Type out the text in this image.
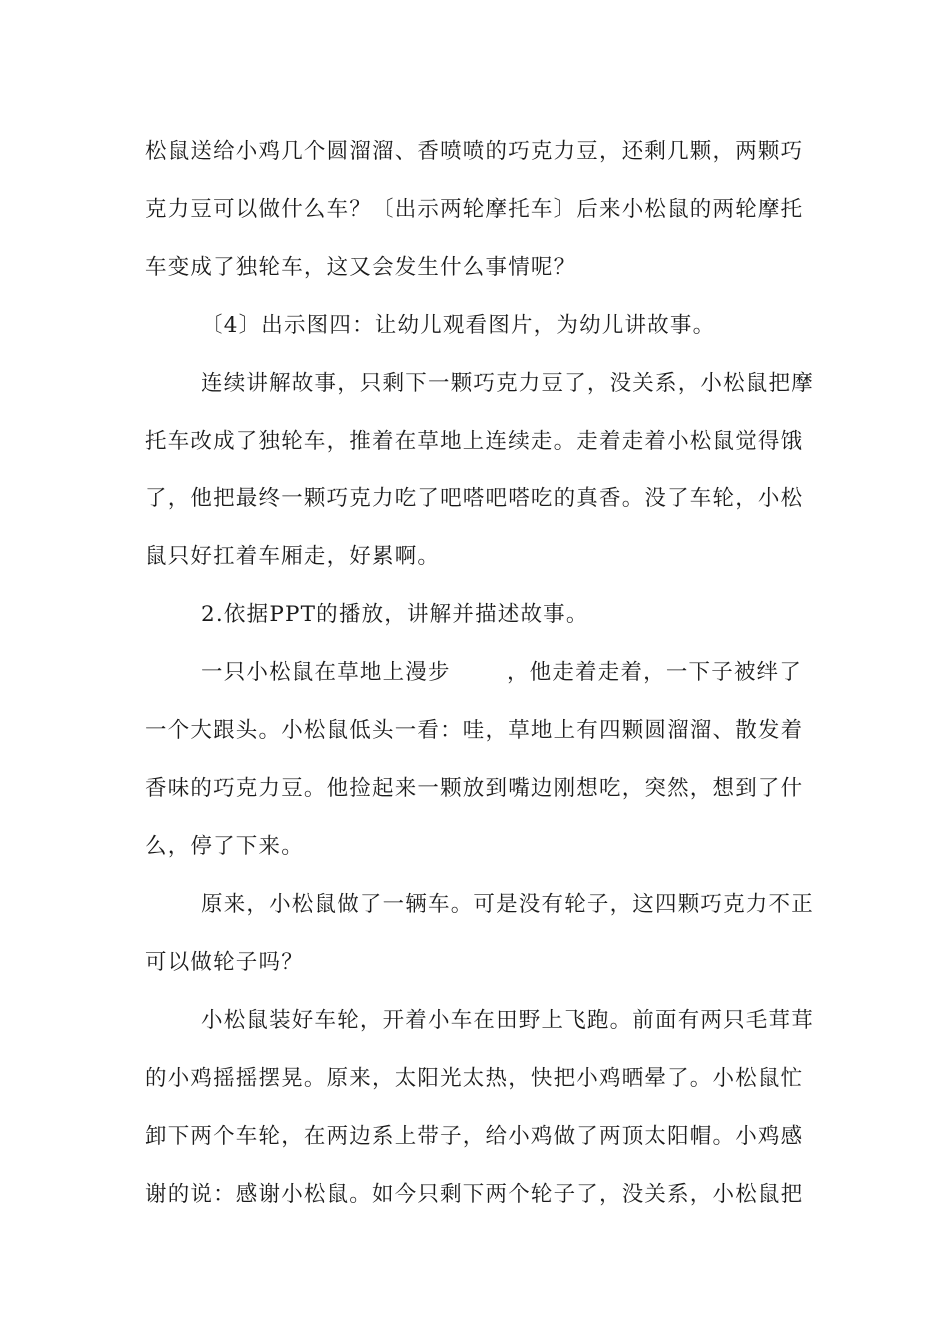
松鼠送给小鸡几个圆溜溜、香喷喷的巧克力豆，还剩几颗，两颗巧
克力豆可以做什么车？〔出示两轮摩托车〕后来小松鼠的两轮摩托
车变成了独轮车，这又会发生什么事情呢？
〔4〕出示图四：让幼儿观看图片，为幼儿讲故事。
连续讲解故事，只剩下一颗巧克力豆了，没关系，小松鼠把摩
托车改成了独轮车，推着在草地上连续走。走着走着小松鼠觉得饿
了，他把最终一颗巧克力吃了吧嗒吧嗒吃的真香。没了车轮，小松
鼠只好扛着车厢走，好累啊。
2.依据PPT的播放，讲解并描述故事。
一只小松鼠在草地上漫步       ，他走着走着，一下子被绊了
一个大跟头。小松鼠低头一看：哇，草地上有四颗圆溜溜、散发着
香味的巧克力豆。他捡起来一颗放到嘴边刚想吃，突然，想到了什
么，停了下来。
原来，小松鼠做了一辆车。可是没有轮子，这四颗巧克力不正
可以做轮子吗？
小松鼠装好车轮，开着小车在田野上飞跑。前面有两只毛茸茸
的小鸡摇摇摆晃。原来，太阳光太热，快把小鸡晒晕了。小松鼠忙
卸下两个车轮，在两边系上带子，给小鸡做了两顶太阳帽。小鸡感
谢的说：感谢小松鼠。如今只剩下两个轮子了，没关系，小松鼠把
